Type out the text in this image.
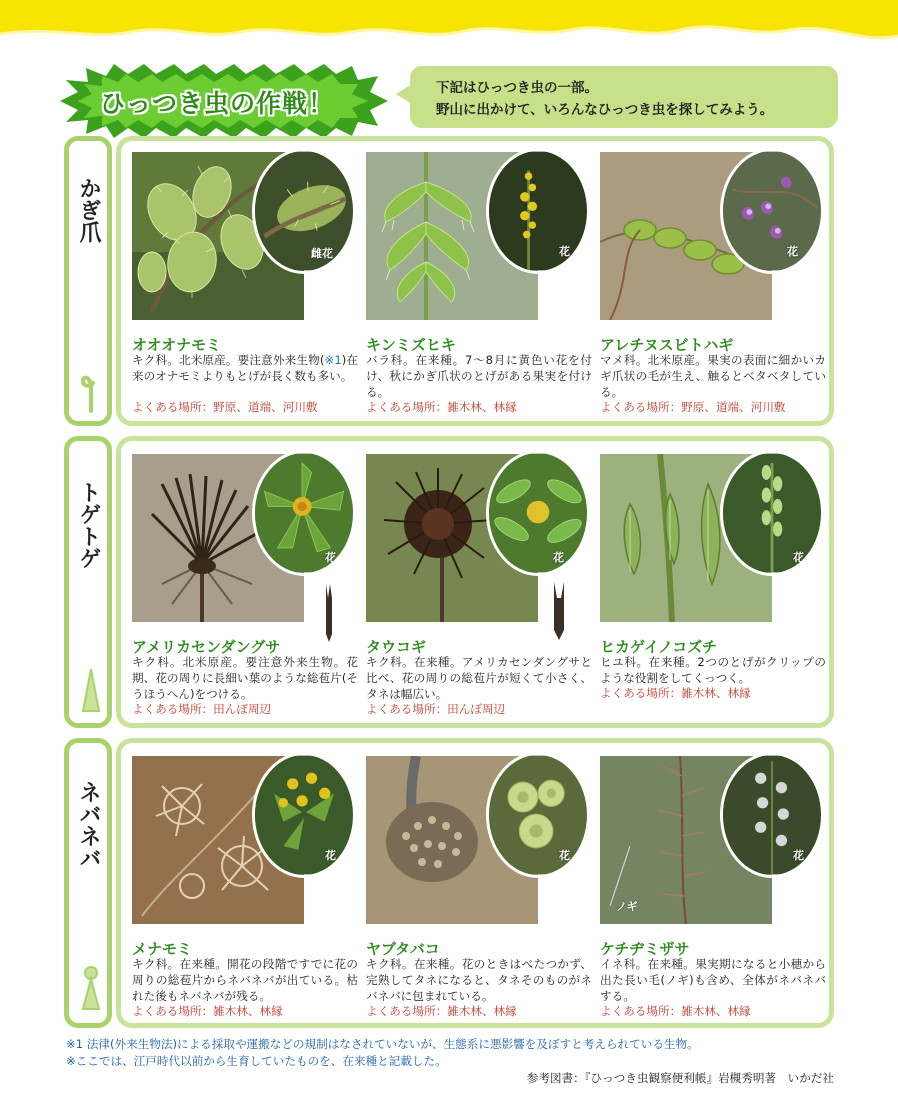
ひっつき虫の作戦！
下記はひっつき虫の一部。
野山に出かけて、いろんなひっつき虫を探してみよう。
かぎ爪
雌花
オオオナモミ
キク科。北米原産。要注意外来生物(※1)在来のオナモミよりもとげが長く数も多い。
よくある場所：野原、道端、河川敷
花
キンミズヒキ
バラ科。在来種。7～8月に黄色い花を付け、秋にかぎ爪状のとげがある果実を付ける。
よくある場所：雑木林、林縁
花
アレチヌスビトハギ
マメ科。北米原産。果実の表面に細かいカギ爪状の毛が生え、触るとベタベタしている。
よくある場所：野原、道端、河川敷
トゲトゲ	花
アメリカセンダングサ
キク科。北米原産。要注意外来生物。花期、花の周りに長細い葉のような総苞片(そうほうへん)をつける。
よくある場所：田んぼ周辺
花
タウコギ
キク科。在来種。アメリカセンダングサと比べ、花の周りの総苞片が短くて小さく、タネは幅広い。
よくある場所：田んぼ周辺
花
ヒカゲイノコズチ
ヒユ科。在来種。2つのとげがクリップのような役割をしてくっつく。
よくある場所：雑木林、林縁
ネバネバ	花
メナモミ
キク科。在来種。開花の段階ですでに花の周りの総苞片からネバネバが出ている。枯れた後もネバネバが残る。
よくある場所：雑木林、林縁
花
ヤブタバコ
キク科。在来種。花のときはべたつかず、完熟してタネになると、タネそのものがネバネバに包まれている。
よくある場所：雑木林、林縁
ノギ
花
ケチヂミザサ
イネ科。在来種。果実期になると小穂から出た長い毛(ノギ)も含め、全体がネバネバする。
よくある場所：雑木林、林縁
※1 法律(外来生物法)による採取や運搬などの規制はなされていないが、生態系に悪影響を及ぼすと考えられている生物。
※ここでは、江戸時代以前から生育していたものを、在来種と記載した。
参考図書：『ひっつき虫観察便利帳』岩槻秀明著　いかだ社
